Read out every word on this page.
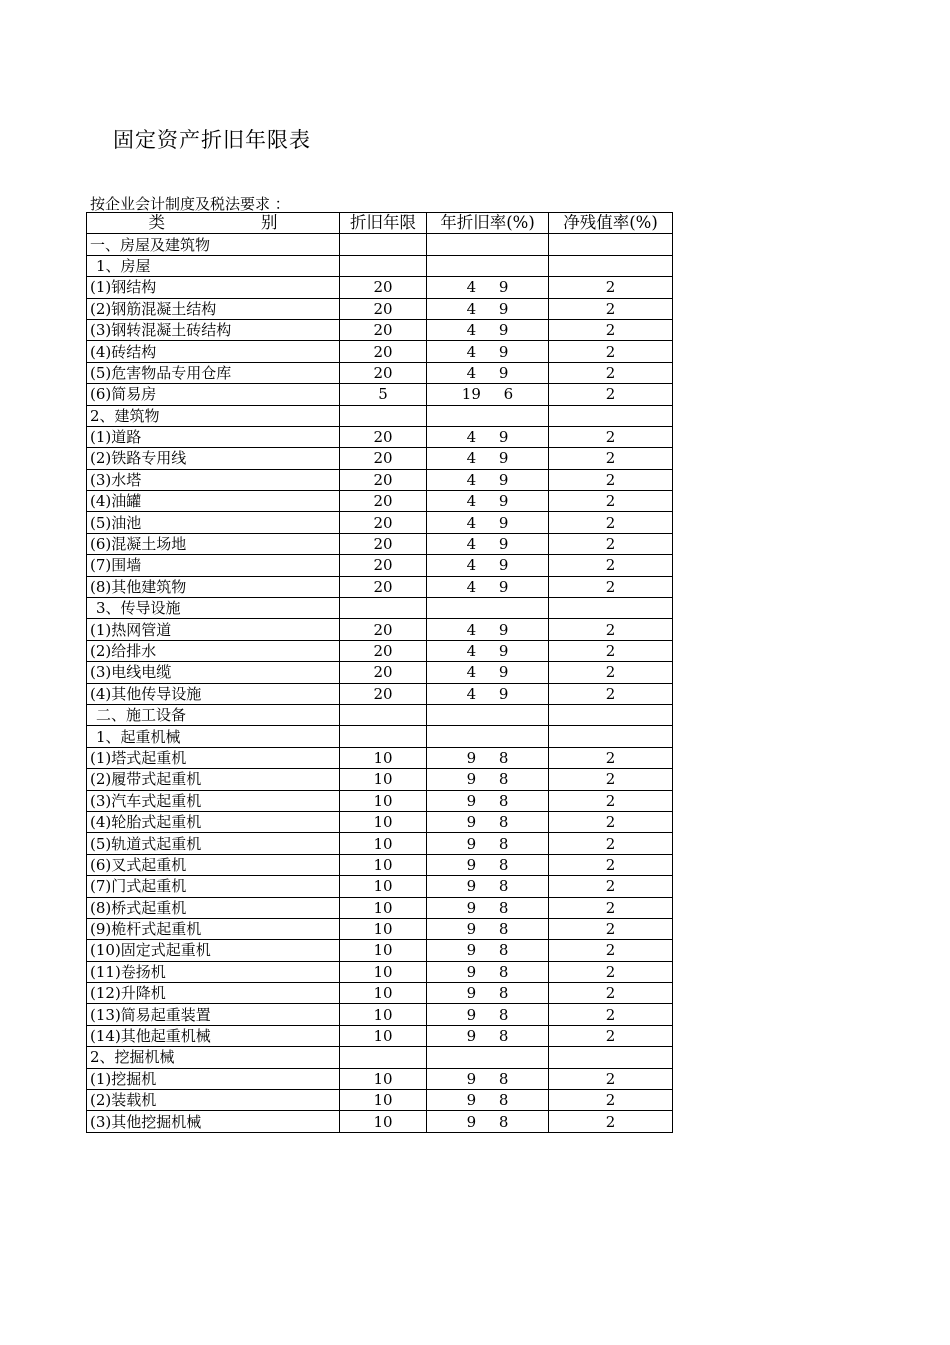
固定资产折旧年限表
按企业会计制度及税法要求 ：
类 别	折旧年限	年折旧率(%)	净残值率(%)
一、房屋及建筑物			
1、房屋			
(1)钢结构	20	4 9	2
(2)钢筋混凝土结构	20	4 9	2
(3)钢转混凝土砖结构	20	4 9	2
(4)砖结构	20	4 9	2
(5)危害物品专用仓库	20	4 9	2
(6)简易房	5	19 6	2
2、建筑物			
(1)道路	20	4 9	2
(2)铁路专用线	20	4 9	2
(3)水塔	20	4 9	2
(4)油罐	20	4 9	2
(5)油池	20	4 9	2
(6)混凝土场地	20	4 9	2
(7)围墙	20	4 9	2
(8)其他建筑物	20	4 9	2
3、传导设施			
(1)热网管道	20	4 9	2
(2)给排水	20	4 9	2
(3)电线电缆	20	4 9	2
(4)其他传导设施	20	4 9	2
二、施工设备			
1、起重机械			
(1)塔式起重机	10	9 8	2
(2)履带式起重机	10	9 8	2
(3)汽车式起重机	10	9 8	2
(4)轮胎式起重机	10	9 8	2
(5)轨道式起重机	10	9 8	2
(6)叉式起重机	10	9 8	2
(7)门式起重机	10	9 8	2
(8)桥式起重机	10	9 8	2
(9)桅杆式起重机	10	9 8	2
(10)固定式起重机	10	9 8	2
(11)卷扬机	10	9 8	2
(12)升降机	10	9 8	2
(13)简易起重装置	10	9 8	2
(14)其他起重机械	10	9 8	2
2、挖掘机械			
(1)挖掘机	10	9 8	2
(2)装载机	10	9 8	2
(3)其他挖掘机械	10	9 8	2
